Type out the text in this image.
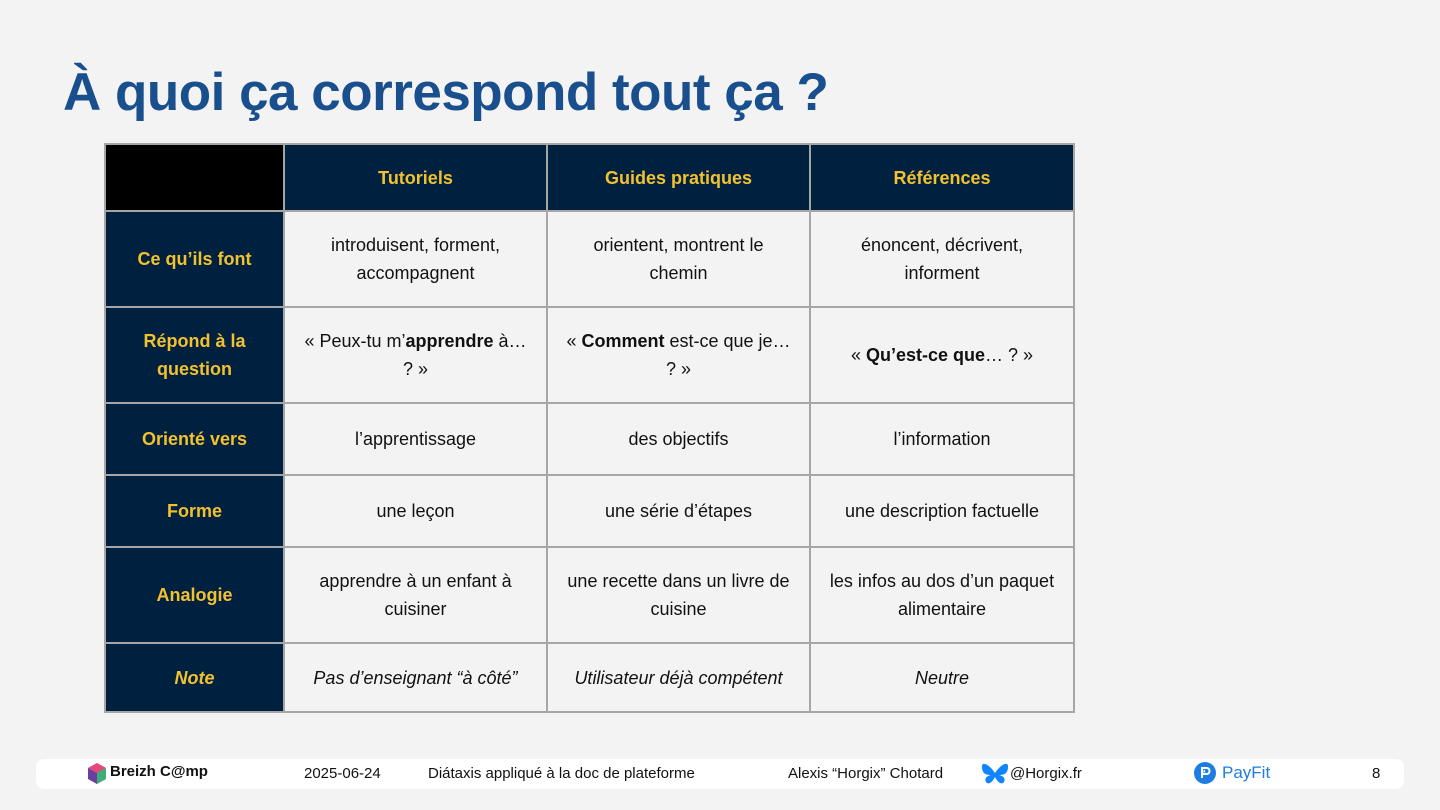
À quoi ça correspond tout ça ?
	Tutoriels	Guides pratiques	Références
Ce qu’ils font	introduisent, forment, accompagnent	orientent, montrent le chemin	énoncent, décrivent, informent
Répond à la question	« Peux-tu m’apprendre à… ? »	« Comment est-ce que je… ? »	« Qu’est-ce que… ? »
Orienté vers	l’apprentissage	des objectifs	l’information
Forme	une leçon	une série d’étapes	une description factuelle
Analogie	apprendre à un enfant à cuisiner	une recette dans un livre de cuisine	les infos au dos d’un paquet alimentaire
Note	Pas d’enseignant “à côté”	Utilisateur déjà compétent	Neutre
Breizh C@mp	2025-06-24	Diátaxis appliqué à la doc de plateforme	Alexis “Horgix” Chotard	@Horgix.fr	PayFit	8
